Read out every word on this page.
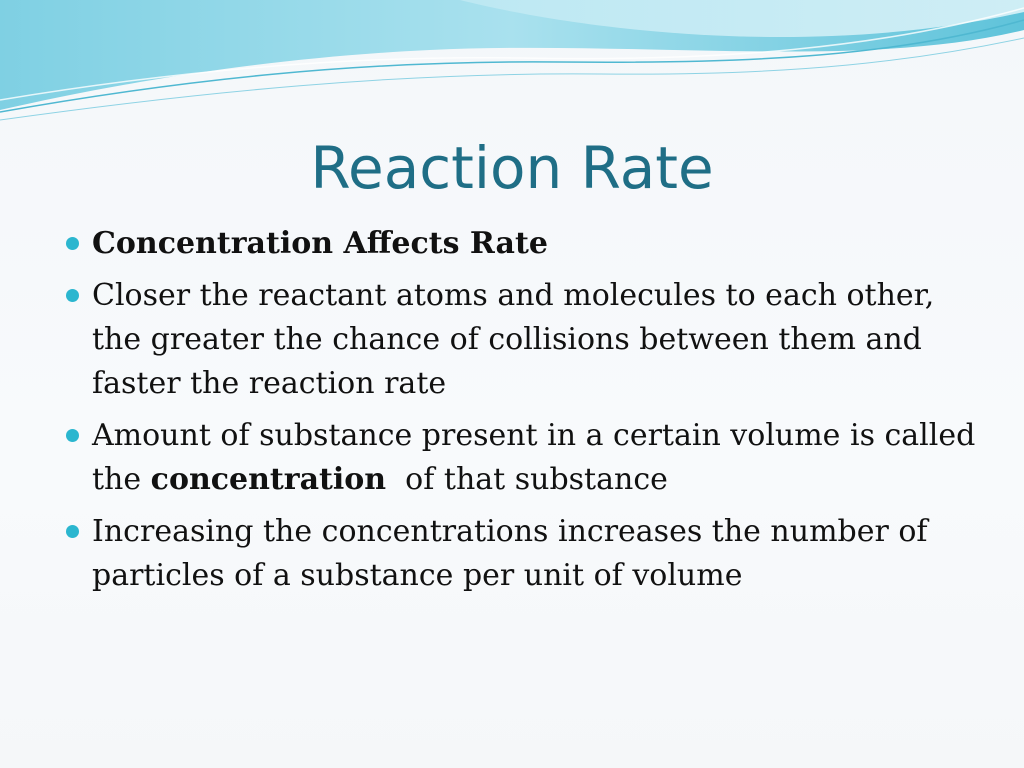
Reaction Rate
Concentration Affects Rate
Closer the reactant atoms and molecules to each other, the greater the chance of collisions between them and faster the reaction rate
Amount of substance present in a certain volume is called the concentration  of that substance
Increasing the concentrations increases the number of particles of a substance per unit of volume
